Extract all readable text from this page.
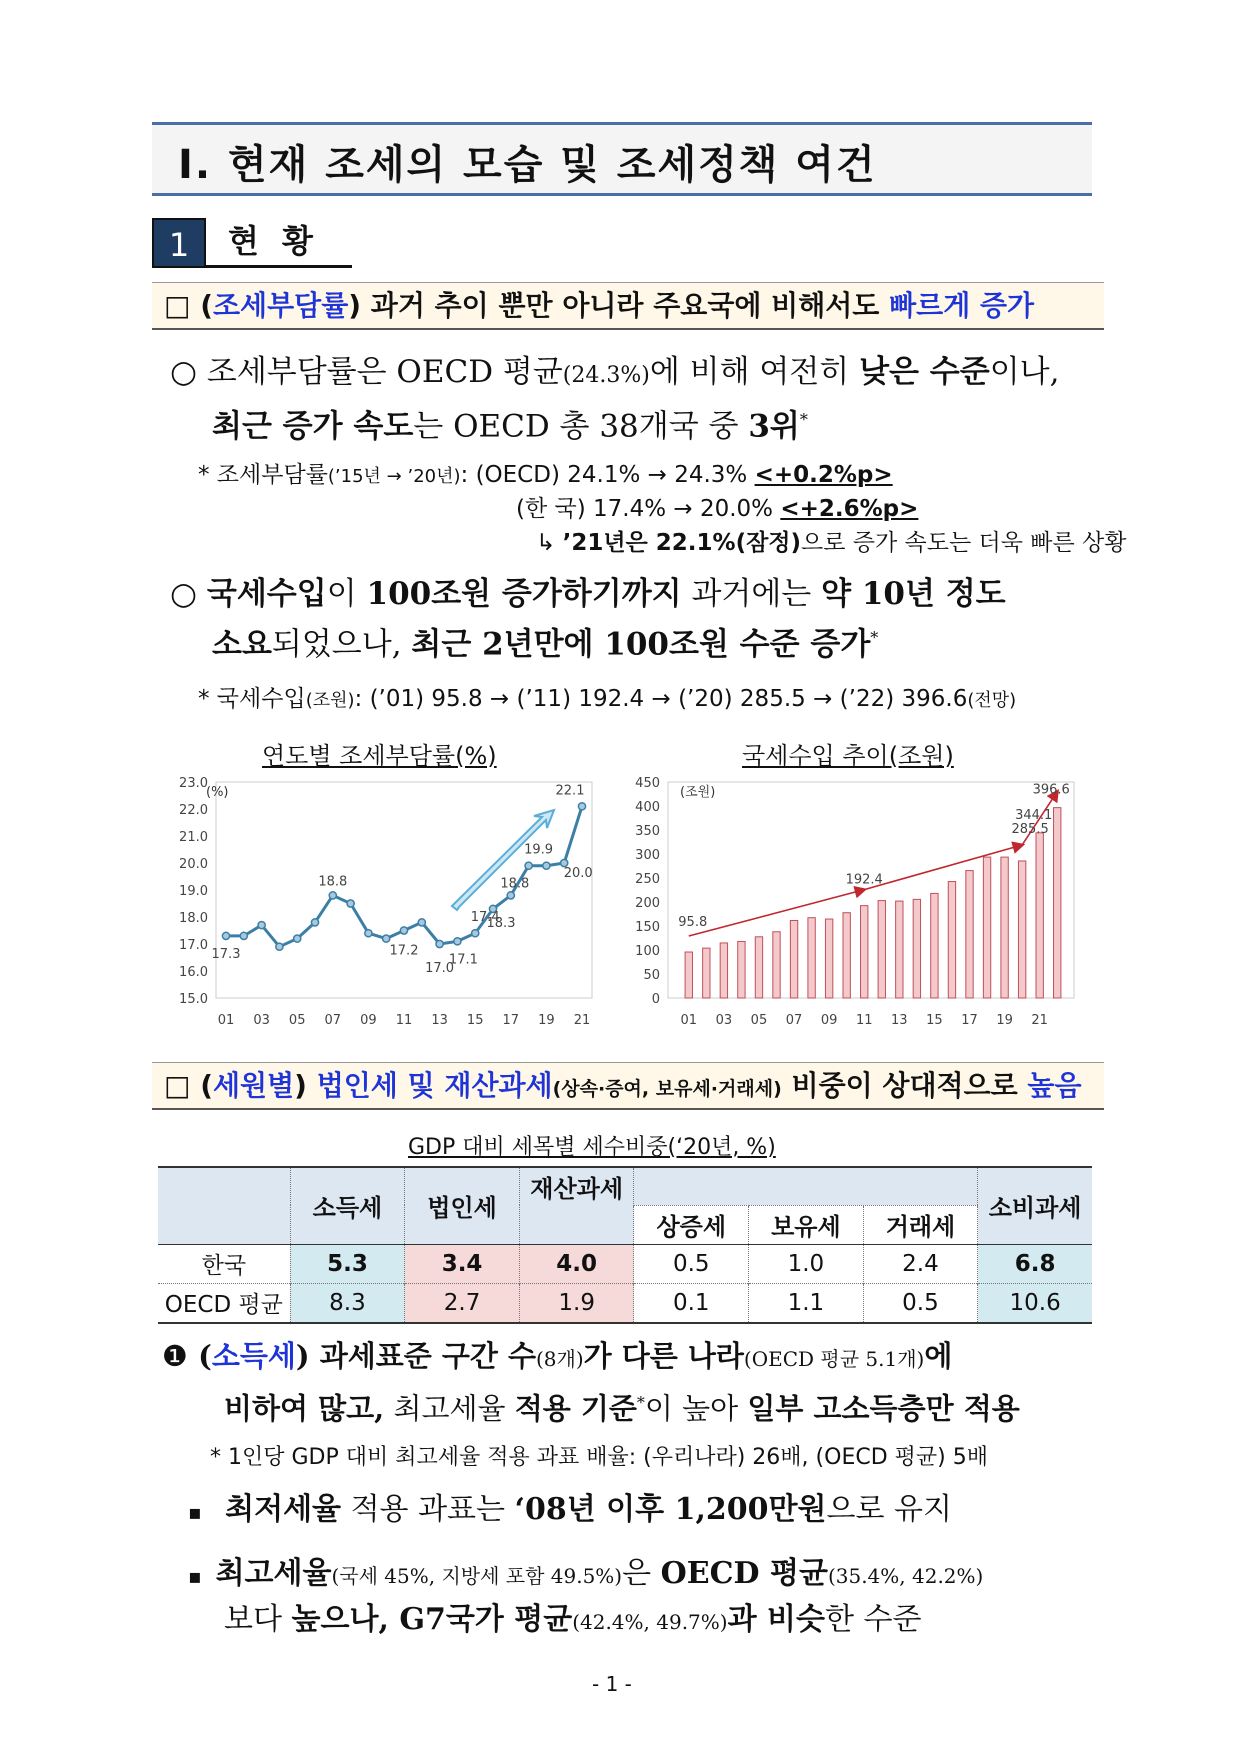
Ⅰ. 현재 조세의 모습 및 조세정책 여건
1	현 황
□ (조세부담률) 과거 추이 뿐만 아니라 주요국에 비해서도 빠르게 증가
○ 조세부담률은 OECD 평균(24.3%)에 비해 여전히 낮은 수준이나,
최근 증가 속도는 OECD 총 38개국 중 3위*
* 조세부담률(’15년 → ’20년): (OECD) 24.1% → 24.3% <+0.2%p>
(한 국) 17.4% → 20.0% <+2.6%p>
↳ ’21년은 22.1%(잠정)으로 증가 속도는 더욱 빠른 상황
○ 국세수입이 100조원 증가하기까지 과거에는 약 10년 정도
소요되었으나, 최근 2년만에 100조원 수준 증가*
* 국세수입(조원): (’01) 95.8 → (’11) 192.4 → (’20) 285.5 → (’22) 396.6(전망)
연도별 조세부담률(%)	국세수입 추이(조원)
(%)
23.0
22.0
21.0
20.0
19.0
18.0
17.0
16.0
15.0
01 03 05 07 09 11 13 15 17 19 21
17.3
18.8
17.2
17.0
17.1
17.4
18.3
18.8
19.9
20.0
22.1	(조원)
450
400
350
300
250
200
150
100
50
0
01 03 05 07 09 11 13 15 17 19 21
95.8
192.4
285.5
344.1
396.6
□ (세원별) 법인세 및 재산과세(상속·증여, 보유세·거래세) 비중이 상대적으로 높음
GDP 대비 세목별 세수비중(‘20년, %)
	소득세	법인세	재산과세				소비과세
				상증세	보유세	거래세	
한국	5.3	3.4	4.0	0.5	1.0	2.4	6.8
OECD 평균	8.3	2.7	1.9	0.1	1.1	0.5	10.6
❶ (소득세) 과세표준 구간 수(8개)가 다른 나라(OECD 평균 5.1개)에
비하여 많고, 최고세율 적용 기준*이 높아 일부 고소득층만 적용
* 1인당 GDP 대비 최고세율 적용 과표 배율: (우리나라) 26배, (OECD 평균) 5배
▪ 최저세율 적용 과표는 ‘08년 이후 1,200만원으로 유지
▪ 최고세율(국세 45%, 지방세 포함 49.5%)은 OECD 평균(35.4%, 42.2%)
보다 높으나, G7국가 평균(42.4%, 49.7%)과 비슷한 수준
- 1 -
